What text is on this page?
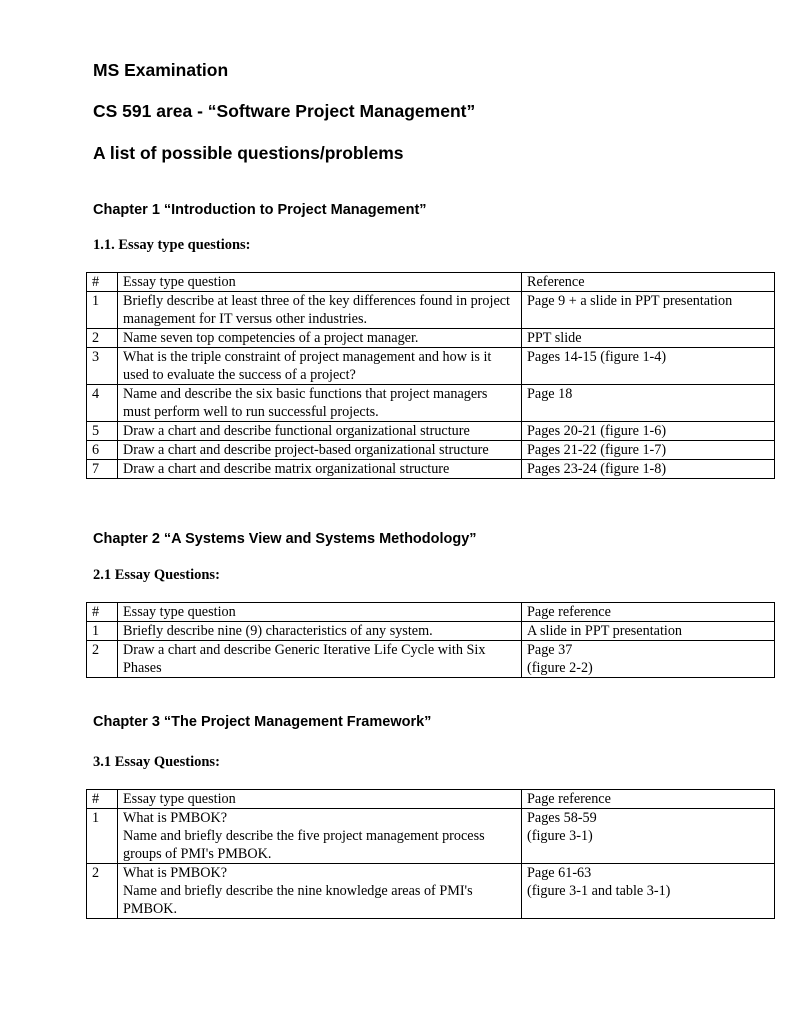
MS Examination
CS 591 area - “Software Project Management”
A list of possible questions/problems
Chapter 1 “Introduction to Project Management”

1.1. Essay type questions:

#	Essay type question	Reference
1	Briefly describe at least three of the key differences found in project management for IT versus other industries.	Page 9 + a slide in PPT presentation
2	Name seven top competencies of a project manager.	PPT slide
3	What is the triple constraint of project management and how is it used to evaluate the success of a project?	Pages 14-15 (figure 1-4)
4	Name and describe the six basic functions that project managers must perform well to run successful projects.	Page 18
5	Draw a chart and describe functional organizational structure	Pages 20-21 (figure 1-6)
6	Draw a chart and describe project-based organizational structure	Pages 21-22 (figure 1-7)
7	Draw a chart and describe matrix organizational structure	Pages 23-24 (figure 1-8)
Chapter 2 “A Systems View and Systems Methodology”

2.1 Essay Questions:

#	Essay type question	Page reference
1	Briefly describe nine (9) characteristics of any system.	A slide in PPT presentation
2	Draw a chart and describe Generic Iterative Life Cycle with Six Phases	Page 37
(figure 2-2)
Chapter 3 “The Project Management Framework”

3.1 Essay Questions:

#	Essay type question	Page reference
1	What is PMBOK?
Name and briefly describe the five project management process groups of PMI's PMBOK.	Pages 58-59
(figure 3-1)

2	What is PMBOK?
Name and briefly describe the nine knowledge areas of PMI's PMBOK.	Page 61-63
(figure 3-1 and table 3-1)
